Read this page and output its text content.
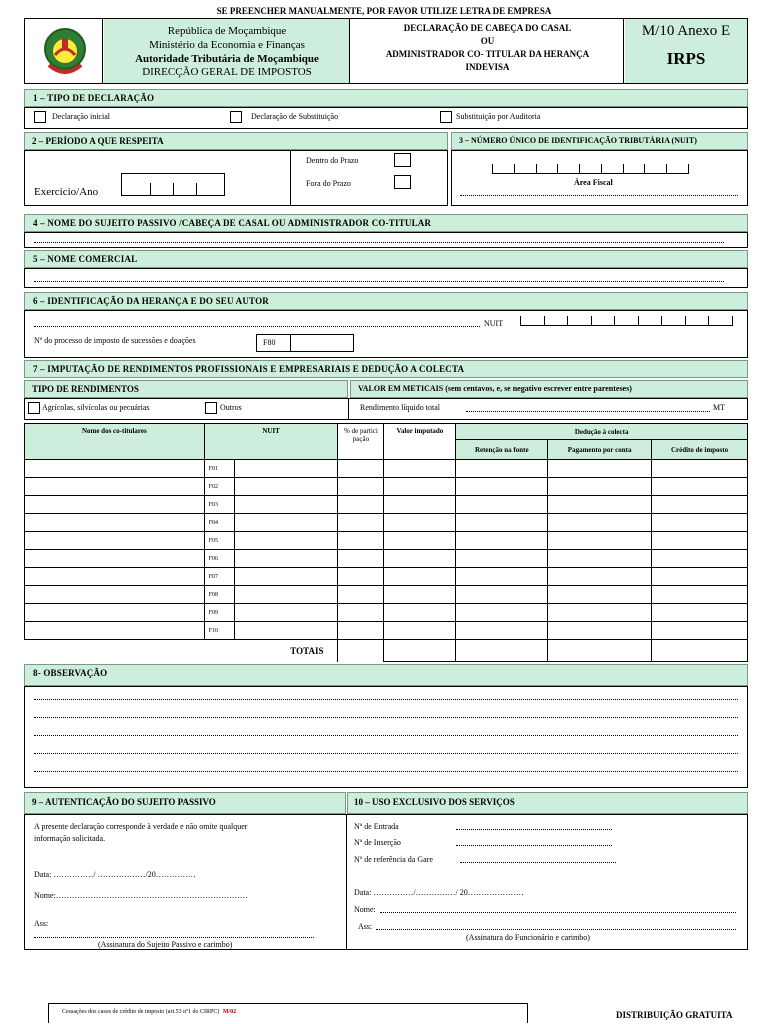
SE PREENCHER MANUALMENTE, POR FAVOR UTILIZE LETRA DE EMPRESA
República de Moçambique
Ministério da Economia e Finanças
Autoridade Tributária de Moçambique
DIRECÇÃO GERAL DE IMPOSTOS
DECLARAÇÃO DE CABEÇA DO CASAL
OU
ADMINISTRADOR CO- TITULAR DA HERANÇA
INDEVISA
M/10 Anexo E
IRPS
1 – TIPO DE DECLARAÇÃO
Declaração inicial	Declaração de Substituição	Substituição por Auditoria
2 – PERÍODO A QUE RESPEITA	3 – NÚMERO ÚNICO DE IDENTIFICAÇÃO TRIBUTÁRIA (NUIT)
Exercício/Ano
Dentro do Prazo
Fora do Prazo	Área Fiscal
4 – NOME DO SUJEITO PASSIVO /CABEÇA DE CASAL OU ADMINISTRADOR CO-TITULAR
5 – NOME COMERCIAL
6 – IDENTIFICAÇÃO DA HERANÇA E DO SEU AUTOR
NUIT
Nº do processo de imposto de sucessões e doações	F80
7 – IMPUTAÇÃO DE RENDIMENTOS PROFISSIONAIS E EMPRESARIAIS E DEDUÇÃO A COLECTA
TIPO DE RENDIMENTOS	VALOR EM METICAIS (sem centavos, e, se negativo escrever entre parenteses)
Agrícolas, silvícolas ou pecuárias	Outros	Rendimento líquido total	MT
Nome dos co-titulares	NUIT		% de partici pação	Valor imputado	Dedução à colecta		
					Retenção na fonte	Pagamento por conta	Crédito de imposto
	F01						
	F02						
	F03						
	F04						
	F05						
	F06						
	F07						
	F08						
	F09						
	F10						
TOTAIS							
8- OBSERVAÇÃO
9 – AUTENTICAÇÃO DO SUJEITO PASSIVO	10 – USO EXCLUSIVO DOS SERVIÇOS
A presente declaração corresponde à verdade e não omite qualquer
informação solicitada.
Data: ……………/ ………………/20……………
Nome:………………………………………………………………
Ass:
(Assinatura do Sujeito Passivo e carimbo)
Nº de Entrada
Nº de Inserção
Nº de referência da Gare
Data: ……………/……………/ 20…………………
Nome:
Ass:
(Assinatura do Funcionário e carimbo)
Cessações dos casos de crédito de imposto (art.53 nº1 do CIRPC) M/02	DISTRIBUIÇÃO GRATUITA
